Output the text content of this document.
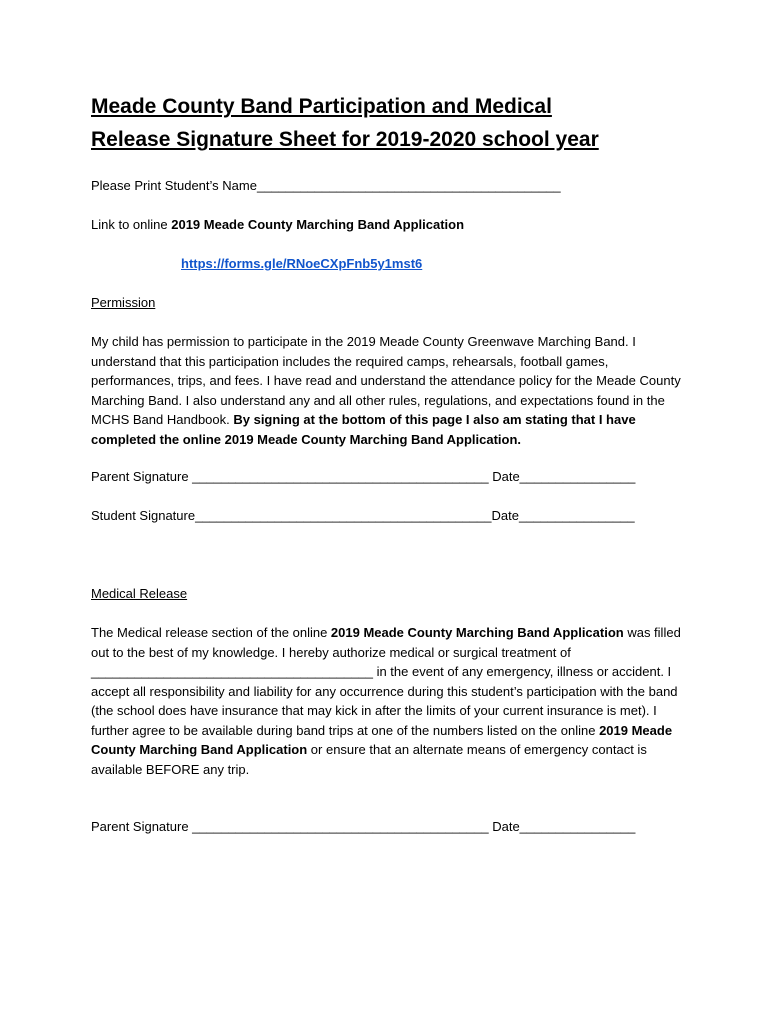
Meade County Band Participation and Medical
Release Signature Sheet for 2019-2020 school year
Please Print Student’s Name__________________________________________
Link to online 2019 Meade County Marching Band Application
https://forms.gle/RNoeCXpFnb5y1mst6
Permission
My child has permission to participate in the 2019 Meade County Greenwave Marching Band. I understand that this participation includes the required camps, rehearsals, football games, performances, trips, and fees. I have read and understand the attendance policy for the Meade County Marching Band. I also understand any and all other rules, regulations, and expectations found in the MCHS Band Handbook. By signing at the bottom of this page I also am stating that I have completed the online 2019 Meade County Marching Band Application.
Parent Signature _________________________________________ Date________________
Student Signature_________________________________________Date________________
Medical Release
The Medical release section of the online 2019 Meade County Marching Band Application was filled out to the best of my knowledge. I hereby authorize medical or surgical treatment of _______________________________________ in the event of any emergency, illness or accident. I accept all responsibility and liability for any occurrence during this student’s participation with the band (the school does have insurance that may kick in after the limits of your current insurance is met). I further agree to be available during band trips at one of the numbers listed on the online 2019 Meade County Marching Band Application or ensure that an alternate means of emergency contact is available BEFORE any trip.
Parent Signature _________________________________________ Date________________
